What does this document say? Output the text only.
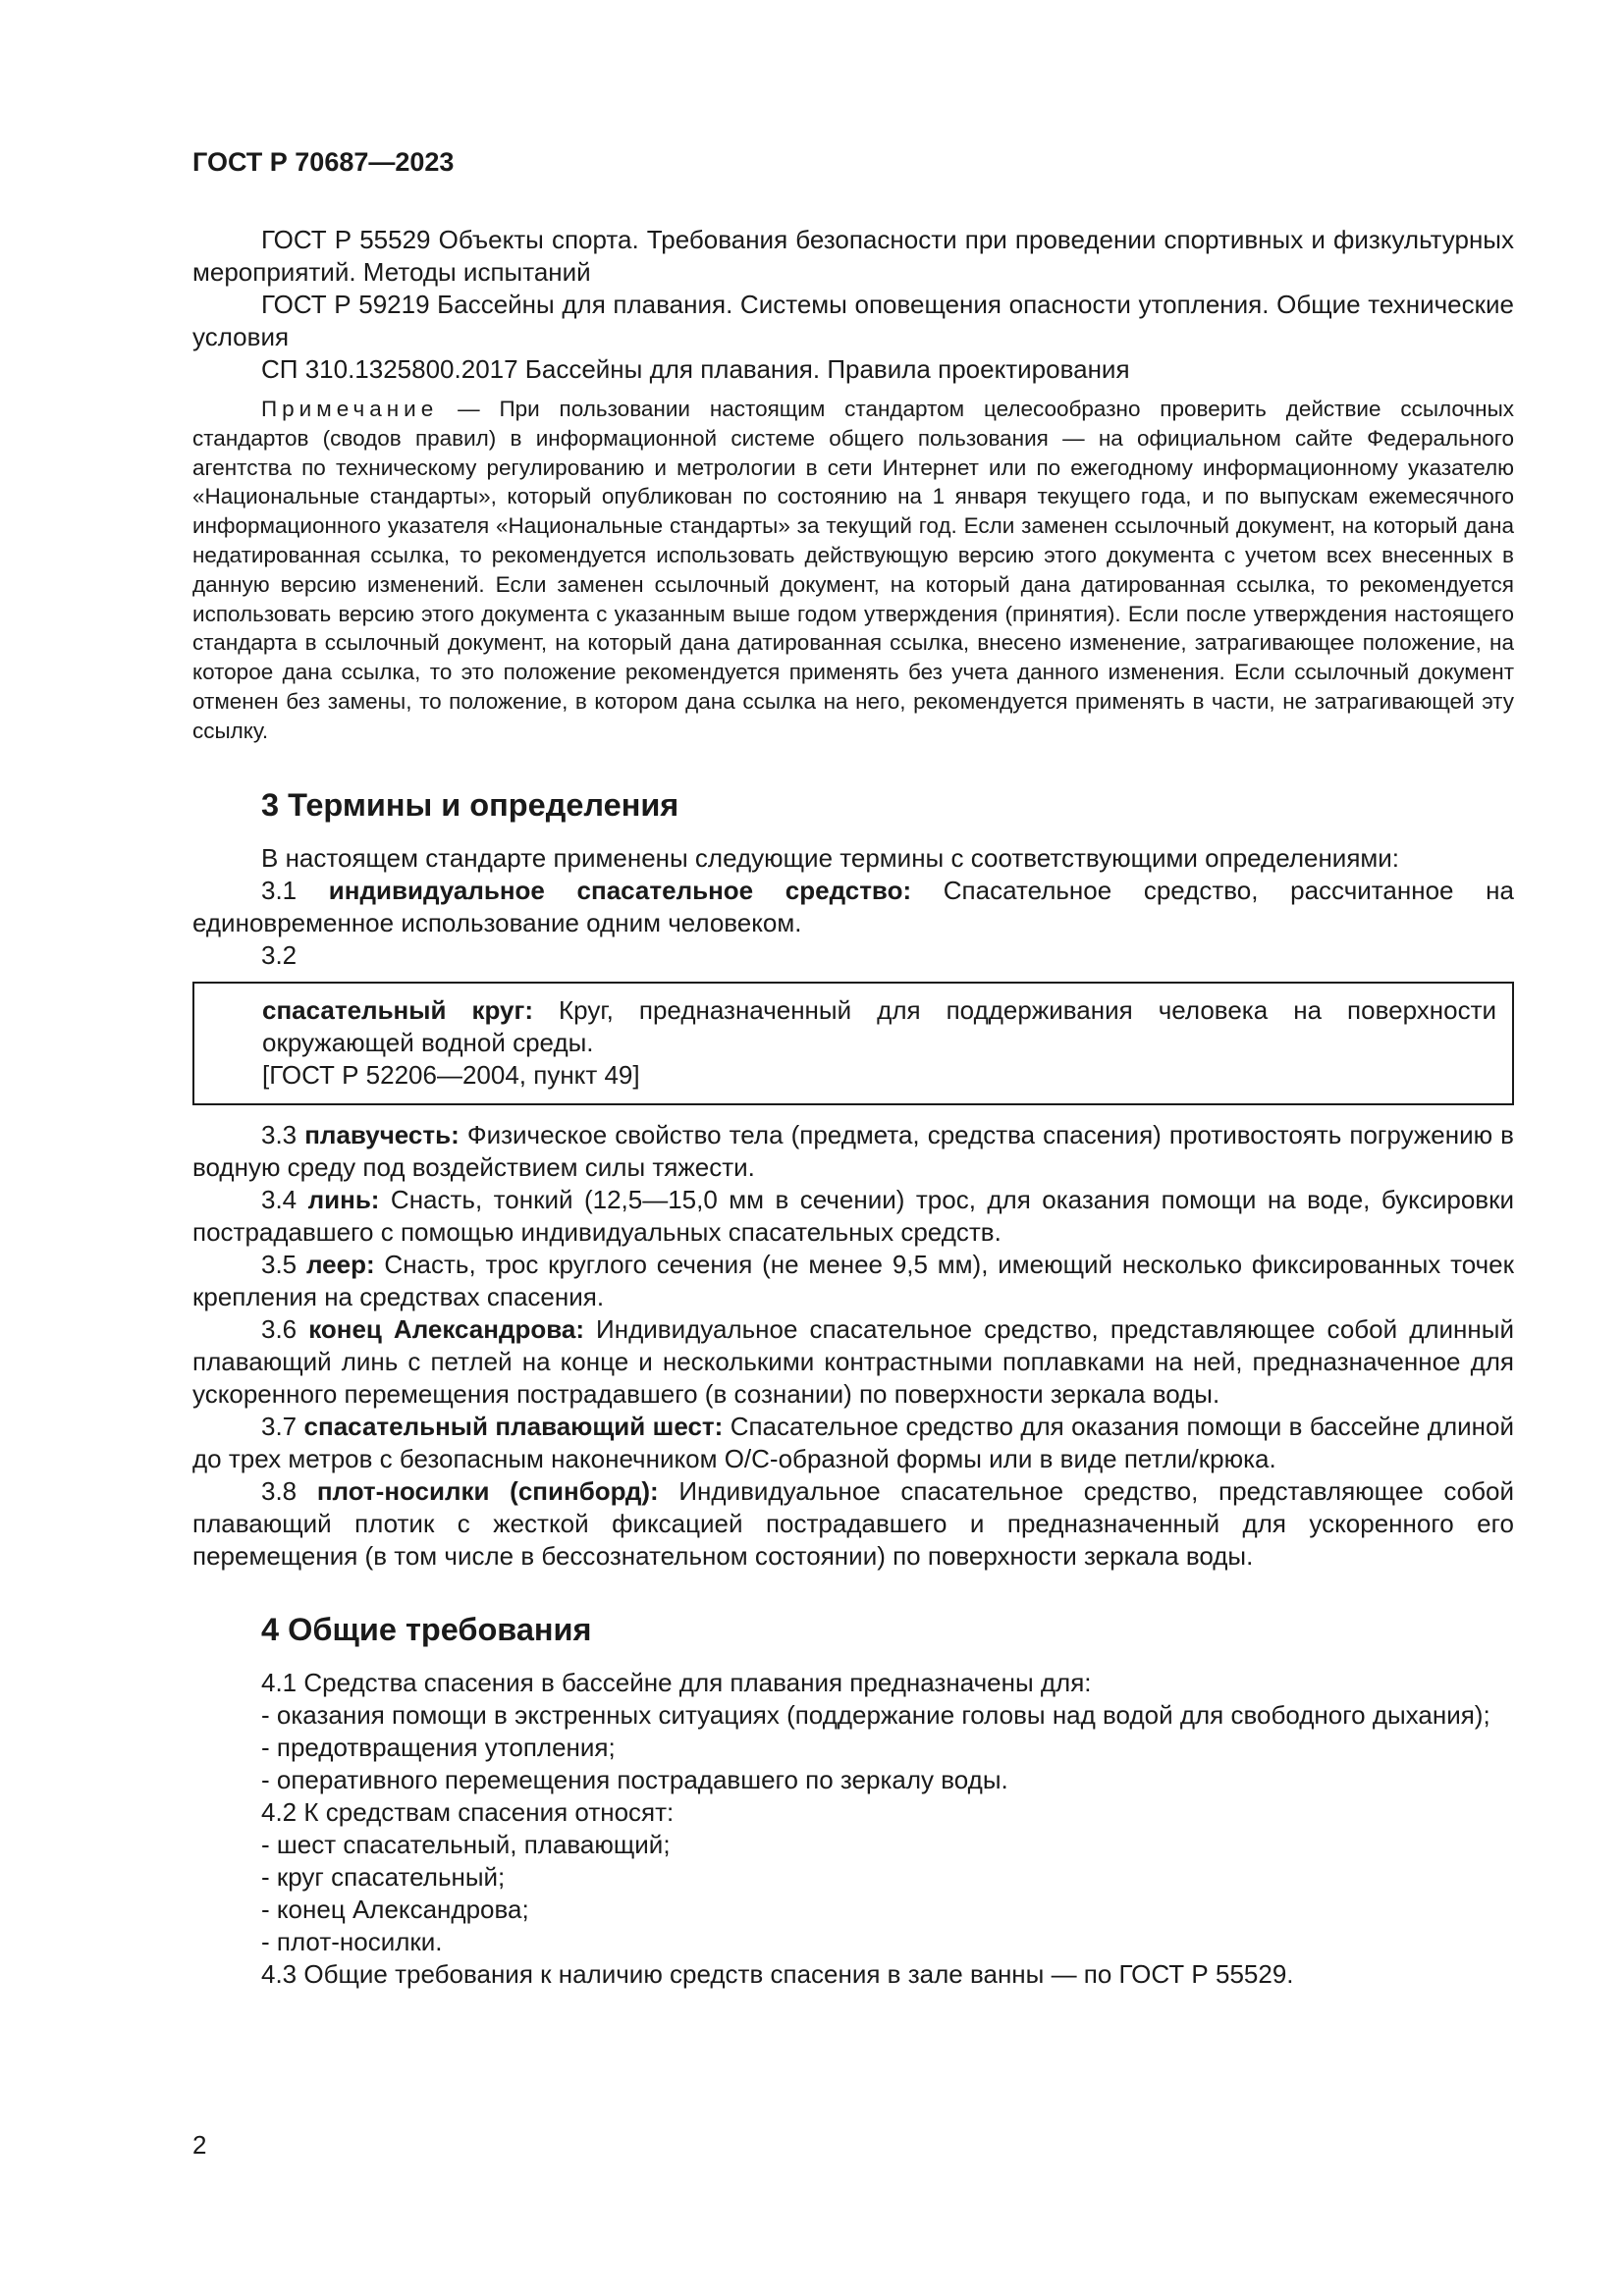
ГОСТ Р 70687—2023

ГОСТ Р 55529 Объекты спорта. Требования безопасности при проведении спортивных и физкультурных мероприятий. Методы испытаний

ГОСТ Р 59219 Бассейны для плавания. Системы оповещения опасности утопления. Общие технические условия

СП 310.1325800.2017 Бассейны для плавания. Правила проектирования

Примечание — При пользовании настоящим стандартом целесообразно проверить действие ссылочных стандартов (сводов правил) в информационной системе общего пользования — на официальном сайте Федерального агентства по техническому регулированию и метрологии в сети Интернет или по ежегодному информационному указателю «Национальные стандарты», который опубликован по состоянию на 1 января текущего года, и по выпускам ежемесячного информационного указателя «Национальные стандарты» за текущий год. Если заменен ссылочный документ, на который дана недатированная ссылка, то рекомендуется использовать действующую версию этого документа с учетом всех внесенных в данную версию изменений. Если заменен ссылочный документ, на который дана датированная ссылка, то рекомендуется использовать версию этого документа с указанным выше годом утверждения (принятия). Если после утверждения настоящего стандарта в ссылочный документ, на который дана датированная ссылка, внесено изменение, затрагивающее положение, на которое дана ссылка, то это положение рекомендуется применять без учета данного изменения. Если ссылочный документ отменен без замены, то положение, в котором дана ссылка на него, рекомендуется применять в части, не затрагивающей эту ссылку.

3 Термины и определения

В настоящем стандарте применены следующие термины с соответствующими определениями:

3.1 индивидуальное спасательное средство: Спасательное средство, рассчитанное на единовременное использование одним человеком.

3.2

спасательный круг: Круг, предназначенный для поддерживания человека на поверхности окружающей водной среды.

[ГОСТ Р 52206—2004, пункт 49]

3.3 плавучесть: Физическое свойство тела (предмета, средства спасения) противостоять погружению в водную среду под воздействием силы тяжести.

3.4 линь: Снасть, тонкий (12,5—15,0 мм в сечении) трос, для оказания помощи на воде, буксировки пострадавшего с помощью индивидуальных спасательных средств.

3.5 леер: Снасть, трос круглого сечения (не менее 9,5 мм), имеющий несколько фиксированных точек крепления на средствах спасения.

3.6 конец Александрова: Индивидуальное спасательное средство, представляющее собой длинный плавающий линь с петлей на конце и несколькими контрастными поплавками на ней, предназначенное для ускоренного перемещения пострадавшего (в сознании) по поверхности зеркала воды.

3.7 спасательный плавающий шест: Спасательное средство для оказания помощи в бассейне длиной до трех метров с безопасным наконечником О/С-образной формы или в виде петли/крюка.

3.8 плот-носилки (спинборд): Индивидуальное спасательное средство, представляющее собой плавающий плотик с жесткой фиксацией пострадавшего и предназначенный для ускоренного его перемещения (в том числе в бессознательном состоянии) по поверхности зеркала воды.

4 Общие требования

4.1 Средства спасения в бассейне для плавания предназначены для:

- оказания помощи в экстренных ситуациях (поддержание головы над водой для свободного дыхания);

- предотвращения утопления;

- оперативного перемещения пострадавшего по зеркалу воды.

4.2 К средствам спасения относят:

- шест спасательный, плавающий;

- круг спасательный;

- конец Александрова;

- плот-носилки.

4.3 Общие требования к наличию средств спасения в зале ванны — по ГОСТ Р 55529.

2
